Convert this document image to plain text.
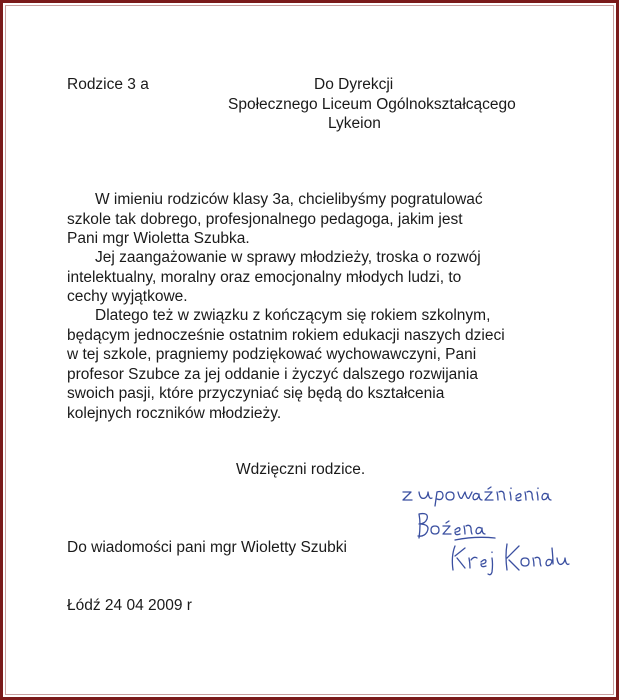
Rodzice 3 a	Do Dyrekcji
Społecznego Liceum Ogólnokształcącego
Lykeion
W imieniu rodziców klasy 3a, chcielibyśmy pogratulować
szkole tak dobrego, profesjonalnego pedagoga, jakim jest
Pani mgr Wioletta Szubka.
Jej zaangażowanie w sprawy młodzieży, troska o rozwój
intelektualny, moralny oraz emocjonalny młodych ludzi, to
cechy wyjątkowe.
Dlatego też w związku z kończącym się rokiem szkolnym,
będącym jednocześnie ostatnim rokiem edukacji naszych dzieci
w tej szkole, pragniemy podziękować wychowawczyni, Pani
profesor Szubce za jej oddanie i życzyć dalszego rozwijania
swoich pasji, które przyczyniać się będą do kształcenia
kolejnych roczników młodzieży.
Wdzięczni rodzice.
Do wiadomości pani mgr Wioletty Szubki
Łódź 24 04 2009 r
